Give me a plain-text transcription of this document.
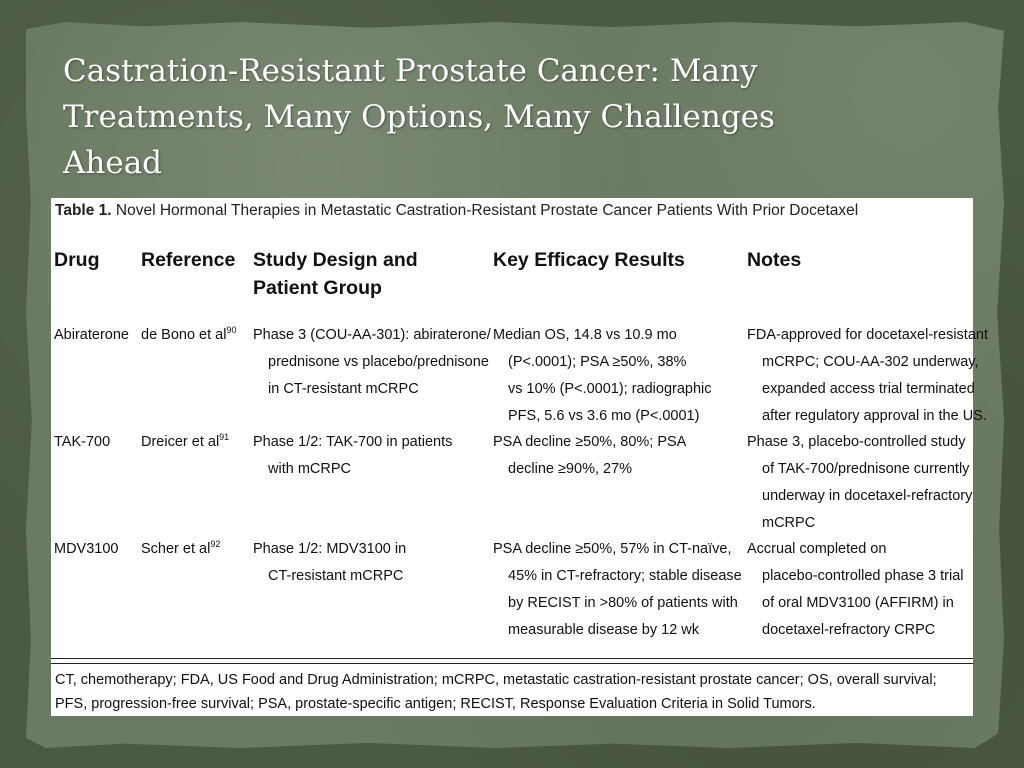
Castration-Resistant Prostate Cancer: Many
Treatments, Many Options, Many Challenges
Ahead
Table 1. Novel Hormonal Therapies in Metastatic Castration-Resistant Prostate Cancer Patients With Prior Docetaxel
Drug Reference Study Design and
Patient Group
Key Efficacy Results	Notes
Abiraterone de Bono et $al^{90}$ Phase 3 (COU-AA-301): abiraterone/
prednisone vs placebo/prednisone
in CT-resistant mCRPC
Median OS, 14.8 vs 10.9 mo
(P<.0001); PSA ≥50%, 38%
vs 10% (P<.0001); radiographic
PFS, 5.6 vs 3.6 mo (P<.0001)
FDA-approved for docetaxel-resistant
mCRPC; COU-AA-302 underway,
expanded access trial terminated
after regulatory approval in the US.
TAK-700 Dreicer et $al^{91}$ Phase 1/2: TAK-700 in patients
with mCRPC
PSA decline ≥50%, 80%; PSA
decline ≥90%, 27%
Phase 3, placebo-controlled study
of TAK-700/prednisone currently
underway in docetaxel-refractory
mCRPC
MDV3100 Scher et $al^{92}$ Phase 1/2: MDV3100 in
CT-resistant mCRPC
PSA decline ≥50%, 57% in CT-naïve,
45% in CT-refractory; stable disease
by RECIST in >80% of patients with
measurable disease by 12 wk
Accrual completed on
placebo-controlled phase 3 trial
of oral MDV3100 (AFFIRM) in
docetaxel-refractory CRPC
CT, chemotherapy; FDA, US Food and Drug Administration; mCRPC, metastatic castration-resistant prostate cancer; OS, overall survival; PFS, progression-free survival; PSA, prostate-specific antigen; RECIST, Response Evaluation Criteria in Solid Tumors.
